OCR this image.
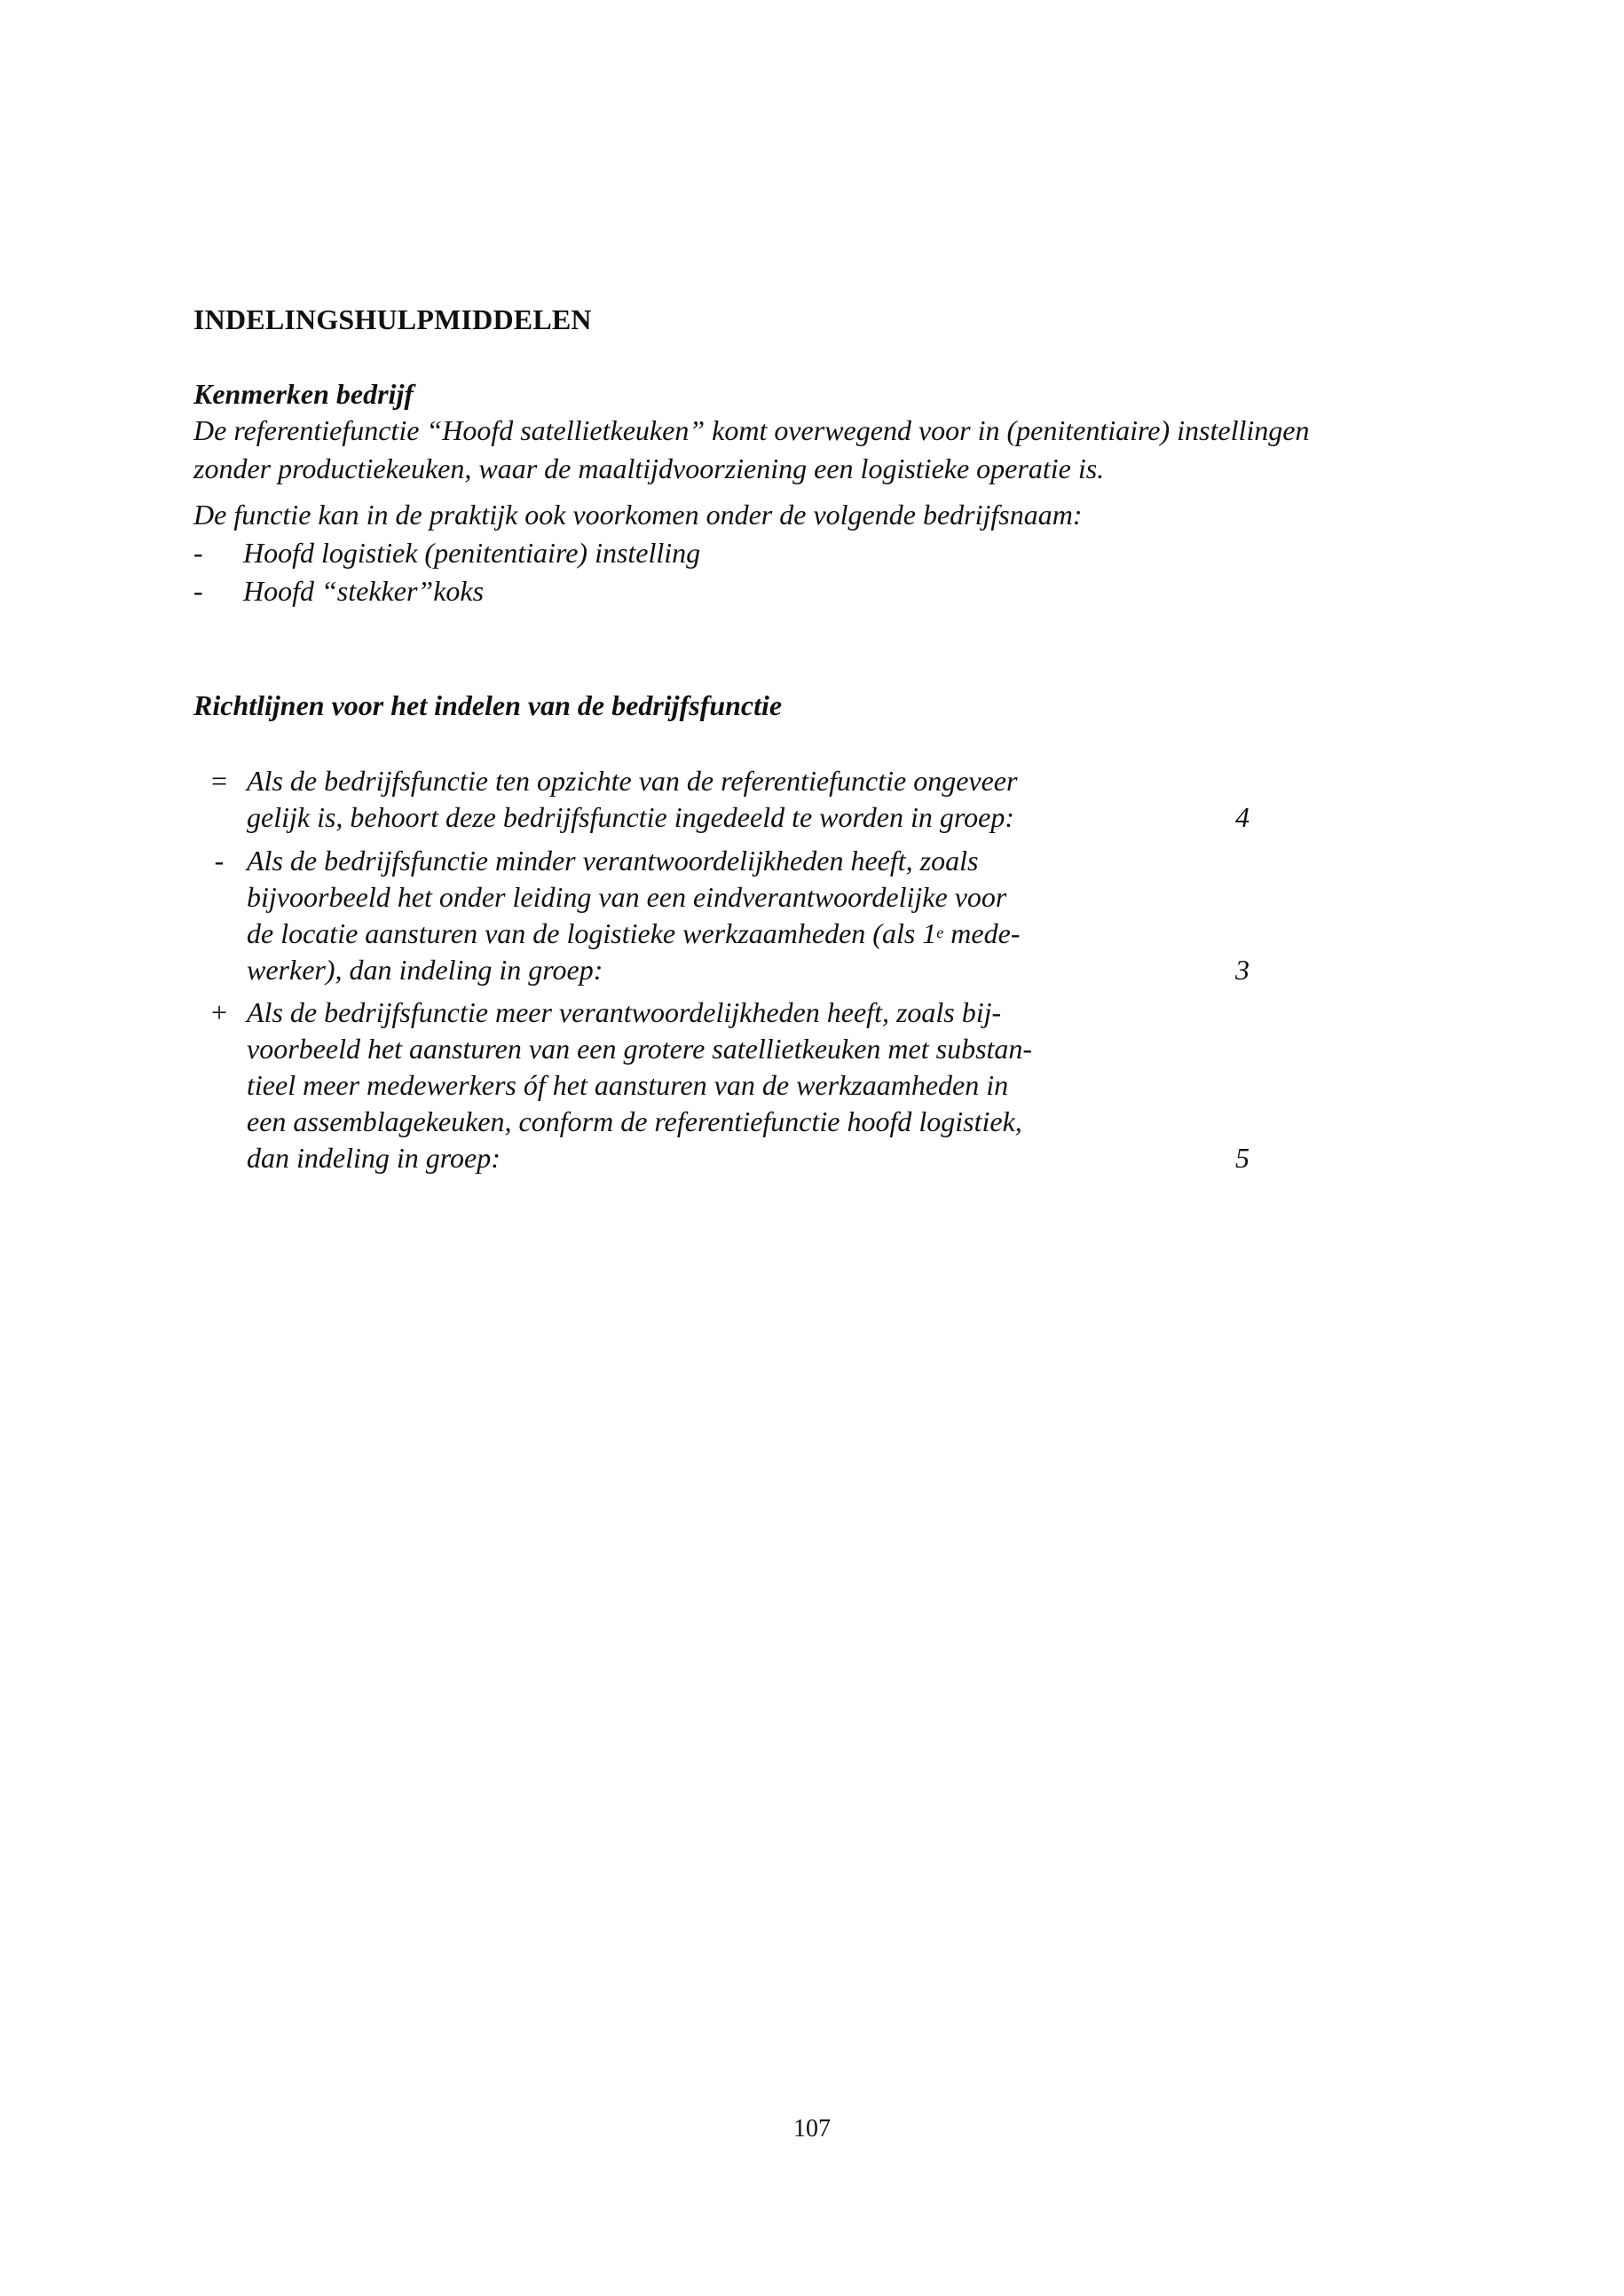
INDELINGSHULPMIDDELEN
Kenmerken bedrijf
De referentiefunctie “Hoofd satellietkeuken” komt overwegend voor in (penitentiaire) instellingen
zonder productiekeuken, waar de maaltijdvoorziening een logistieke operatie is.
De functie kan in de praktijk ook voorkomen onder de volgende bedrijfsnaam:
- Hoofd logistiek (penitentiaire) instelling
- Hoofd “stekker”koks
Richtlijnen voor het indelen van de bedrijfsfunctie
= Als de bedrijfsfunctie ten opzichte van de referentiefunctie ongeveer
gelijk is, behoort deze bedrijfsfunctie ingedeeld te worden in groep:	4
- Als de bedrijfsfunctie minder verantwoordelijkheden heeft, zoals
bijvoorbeeld het onder leiding van een eindverantwoordelijke voor
de locatie aansturen van de logistieke werkzaamheden (als 1e mede-
werker), dan indeling in groep:	3
+ Als de bedrijfsfunctie meer verantwoordelijkheden heeft, zoals bij-
voorbeeld het aansturen van een grotere satellietkeuken met substan-
tieel meer medewerkers óf het aansturen van de werkzaamheden in
een assemblagekeuken, conform de referentiefunctie hoofd logistiek,
dan indeling in groep:	5
107
